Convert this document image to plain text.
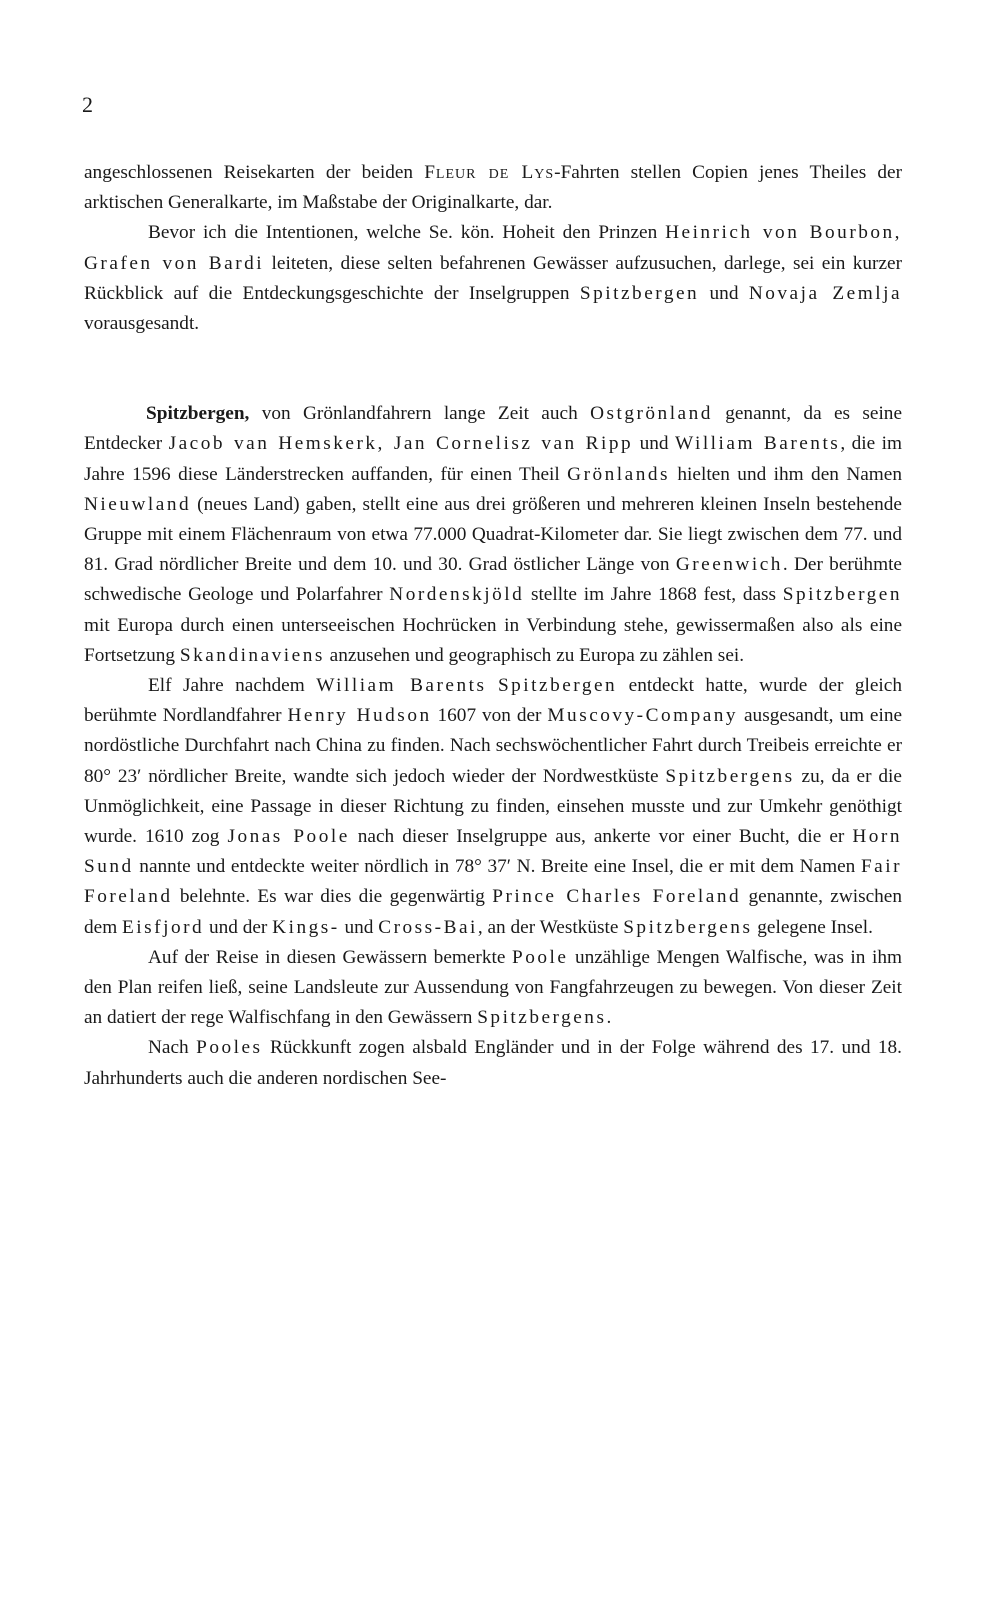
2

angeschlossenen Reisekarten der beiden Fleur de Lys-Fahrten stellen Copien jenes Theiles der arktischen Generalkarte, im Maßstabe der Originalkarte, dar.

Bevor ich die Intentionen, welche Se. kön. Hoheit den Prinzen Heinrich von Bourbon, Grafen von Bardi leiteten, diese selten befahrenen Gewässer aufzusuchen, darlege, sei ein kurzer Rückblick auf die Entdeckungsgeschichte der Inselgruppen Spitzbergen und Novaja Zemlja vorausgesandt.

Spitzbergen, von Grönlandfahrern lange Zeit auch Ostgrönland genannt, da es seine Entdecker Jacob van Hemskerk, Jan Cornelisz van Ripp und William Barents, die im Jahre 1596 diese Länderstrecken auffanden, für einen Theil Grönlands hielten und ihm den Namen Nieuwland (neues Land) gaben, stellt eine aus drei größeren und mehreren kleinen Inseln bestehende Gruppe mit einem Flächenraum von etwa 77.000 Quadrat-Kilometer dar. Sie liegt zwischen dem 77. und 81. Grad nördlicher Breite und dem 10. und 30. Grad östlicher Länge von Greenwich. Der berühmte schwedische Geologe und Polarfahrer Nordenskjöld stellte im Jahre 1868 fest, dass Spitzbergen mit Europa durch einen unterseeischen Hochrücken in Verbindung stehe, gewissermaßen also als eine Fortsetzung Skandinaviens anzusehen und geographisch zu Europa zu zählen sei.

Elf Jahre nachdem William Barents Spitzbergen entdeckt hatte, wurde der gleich berühmte Nordlandfahrer Henry Hudson 1607 von der Muscovy-Company ausgesandt, um eine nordöstliche Durchfahrt nach China zu finden. Nach sechswöchentlicher Fahrt durch Treibeis erreichte er 80° 23′ nördlicher Breite, wandte sich jedoch wieder der Nordwestküste Spitzbergens zu, da er die Unmöglichkeit, eine Passage in dieser Richtung zu finden, einsehen musste und zur Umkehr genöthigt wurde. 1610 zog Jonas Poole nach dieser Inselgruppe aus, ankerte vor einer Bucht, die er Horn Sund nannte und entdeckte weiter nördlich in 78° 37′ N. Breite eine Insel, die er mit dem Namen Fair Foreland belehnte. Es war dies die gegenwärtig Prince Charles Foreland genannte, zwischen dem Eisfjord und der Kings- und Cross-Bai, an der Westküste Spitzbergens gelegene Insel.

Auf der Reise in diesen Gewässern bemerkte Poole unzählige Mengen Walfische, was in ihm den Plan reifen ließ, seine Landsleute zur Aussendung von Fangfahrzeugen zu bewegen. Von dieser Zeit an datiert der rege Walfischfang in den Gewässern Spitzbergens.

Nach Pooles Rückkunft zogen alsbald Engländer und in der Folge während des 17. und 18. Jahrhunderts auch die anderen nordischen See-
